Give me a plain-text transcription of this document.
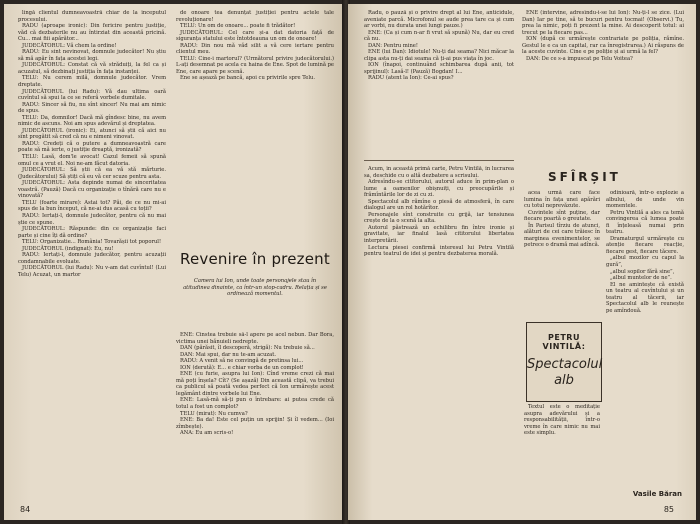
lingă clientul dumneavoastră chiar de la începutul procesului.

RADU (aproape ironic): Din fericire pentru justiție, văd că dezbaterile nu au întirziat din această pricină. Cu... mai fiii apărător...

JUDECĂTORUL: Vă chem la ordine!

RADU: Eu sint nevinovat, domnule judecător! Nu știu să mă apăr în fața acestei legi.

JUDECĂTORUL: Constat că vă străduiți, la fel ca și acuzatul, să dezbinați justiția în fața instanței.

TELU: Nu cerem milă, domnule judecător. Vrem dreptate.

JUDECĂTORUL (lui Radu): Vă dau ultima oară cuvîntul să spui la ce se referă vorbele dumitale.

RADU: Sincer să fiu, nu sînt sincer! Nu mai am nimic de spus.

TELU: Da, domnilor! Dacă mă gîndesc bine, nu avem nimic de ascuns. Noi am spus adevărul și dreptatea.

JUDECĂTORUL (ironic): Ei, atunci să știi că aici nu sînt pregătit să cred că nu e nimeni vinovat.

RADU: Credeți că o putere a dumneavoastră care poate să mă ierte, o justiție dreaptă, ironizată?

TELU: Lasă, dom'le avocat! Cazul femeii să spună omul ce a vrut el. Noi ne-am făcut datoria.

JUDECĂTORUL: Să știi că ea vă stă mărturie. (Judecătorului) Să știți că eu vă cer scuze pentru asta.

JUDECĂTORUL: Asta depinde numai de sinceritatea voastră. (Pauză) Dacă cu organizație o tînără care nu e vinovată?

TELU (foarte mirare): Astai tot? Păi, de ce nu mi-ai spus de la bun început, că ne-ai dus acasă cu toții?

RADU: Iertați-l, domnule judecător, pentru că nu mai știe ce spune.

JUDECĂTORUL: Răspunde: din ce organizație faci parte și cine îți dă ordine?

TELU: Organizatie... România! Tovarășii tot poporul!

JUDECĂTORUL (indignat): Eu, nu!

RADU: Iertați-l, domnule judecător, pentru acuzații condamnabile evoluate.

JUDECĂTORUL (lui Radu): Nu v-am dat cuvîntul! (Lui Telu) Acuzat, un martor

de onoare tea denunțat justiției pentru actele tale revoluționare!

TELU: Un om de onoare... poate fi trădător!

JUDECĂTORUL: Cel care și-a dat datoria față de siguranța statului este întotdeauna un om de onoare!

RADU: Din nou mă văd silit a vă cere iertare pentru clientul meu.

TELU: Cine-i martorul? (Următorul privire judecătorului.) L-ați desemnat pe acela cu haina de Ene. Spot de lumină pe Ene, care apare pe scenă.

Ene se așează pe bancă, apoi cu privirile spre Telu.

Revenire în prezent
Camera lui Ion, unde toate personajele stau în atitudinea dinainte, ca într-un stop-cadru. Relația și se ordinează momentul.

ENE: Cinstea trebuie să-l apere pe acel nebun. Dar Bora, victima unei bănuieli nedrepte.

DAN (părăsit, îl descoperă, strigă): Nu trebuie să...

DAN: Mai spui, dar nu te-am acuzat.

RADU: A venit să ne convingă de pretinsa lui...

ION (derută): E... e chiar vorba de un complot!

ENE (cu furie, asupra lui Ion): Cînd vreme crezi că mai mă poți înșela? Cît? (Se așază) Din această clipă, va trebui ca publicul să poată vedea perfect că Ion urmărește acest legământ dintre vorbele lui Ene.

ENE: Lasă-mă să-ți pun o întrebare: ai putea crede că totul a fost un complot?

TELU (mirat): Nu cumva?

ENE: Ba da! Este cel puțin un sprijin! Și îl vedem... (Ioi zîmbește).

ANA: Eu am scris-o!

84

Radu, o pauză și o privire drept al lui Ene, anticidule, aveniate parcă. Microfonul se aude prea tare ca și cum ar vorbi, nu durata unei lungi pauze.)

ENE: (Ca și cum n-ar fi vrut să spună) Nu, dar eu cred că nu.

DAN: Pentru mine!

ENE (lui Dan): Idiotule! Nu-ți dai seama? Nici măcar la clipa asta nu-ți dai seama că ți-ai pus viața în joc.

ION (înapoi, continuând schimbarea după anii, tot sprijinul): Lasă-l! (Pauză) Bogdan! I...

RADU (atent la Ion): Ce-ai spus?

ENE (intervine, adresîndu-i-se lui Ion): Nu-ți-l se zice. (Lui Dan) Iar pe tine, să te bucuri pentru tocmai! (Observi.) Tu, prea la nimic, poți fi prezent la mine. Ai descoperit totul: ai trecut pe la fiecare pas...

ION (după ce urmărește contrariate pe poliția, rămîne. Gestul le e ca un capital, rar ca înregistrarea.) Ai răspuns de la aceste cuvinte. Cine e pe poliție și ai urmă la fel?

DAN: De ce s-a impuscat pe Telu Voitea?

SFÎRȘIT

Acum, în această primă carte, Petru Vintilă, în lucrarea sa, deschide cu o altă dezbatere a scrisului.

Adresîndu-se cititorului, autorul aduce în prim-plan o lume a oamenilor obișnuiți, cu preocupările și frămîntările lor de zi cu zi.

Spectacolul alb rămîne o piesă de atmosferă, în care dialogul are un rol hotărîtor.

Personajele sînt construite cu grijă, iar tensiunea crește de la o scenă la alta.

Autorul păstrează un echilibru fin între ironie și gravitate, iar finalul lasă cititorului libertatea interpretării.

Lectura piesei confirmă interesul lui Petru Vintilă pentru teatrul de idei și pentru dezbaterea morală.

acea urmă care face lumina în fața unei apărări cu totul neprevăzute.

Cuvintele sînt puține, dar fiecare poartă o greutate.

În Parisul tîrziu de atunci, alături de cei care trăiesc în marginea evenimentelor, se petrece o dramă mai adîncă.

PETRU VINTILĂ:
Spectacolul alb

Textul este o meditație asupra adevărului și a responsabilității, într-o vreme în care nimic nu mai este simplu.

odinioară, într-o explozie a albului, de unde vin momentele.

Petru Vintilă a ales ca temă convingerea că lumea poate fi înțeleasă numai prin teatru.

Dramaturgul urmărește cu atenție fiecare reacție, fiecare gest, fiecare tăcere.

„albul mozilor cu capul la gură”,

„albul sopilor fără sine”,

„albul muntelor de ne”.

El ne amintește că există un teatru al cuvîntului și un teatru al tăcerii, iar Spectacolul alb le reunește pe amîndouă.

Vasile Băran
85
